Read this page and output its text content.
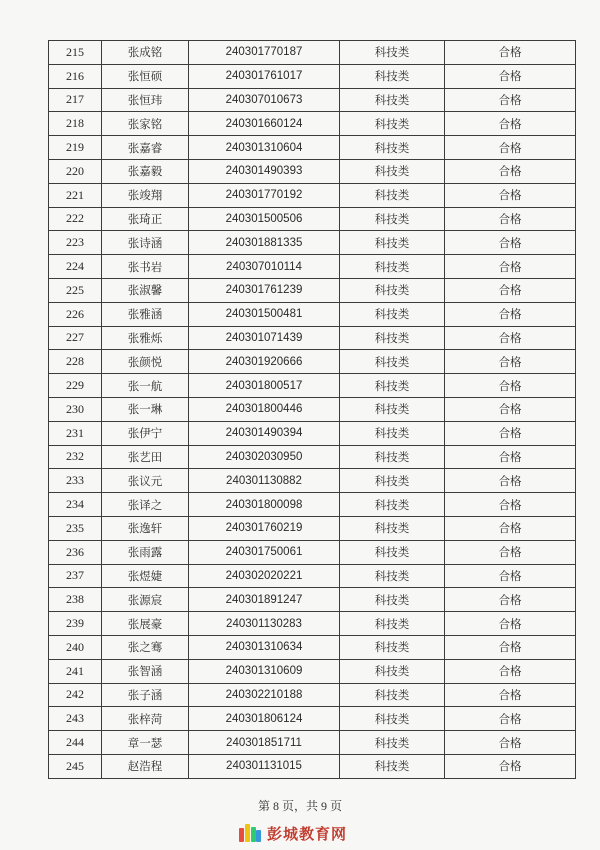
215	张成铭	240301770187	科技类	合格
216	张恒硕	240301761017	科技类	合格
217	张恒玮	240307010673	科技类	合格
218	张家铭	240301660124	科技类	合格
219	张嘉睿	240301310604	科技类	合格
220	张嘉毅	240301490393	科技类	合格
221	张竣翔	240301770192	科技类	合格
222	张琦正	240301500506	科技类	合格
223	张诗涵	240301881335	科技类	合格
224	张书岩	240307010114	科技类	合格
225	张淑馨	240301761239	科技类	合格
226	张雅涵	240301500481	科技类	合格
227	张雅烁	240301071439	科技类	合格
228	张颜悦	240301920666	科技类	合格
229	张一航	240301800517	科技类	合格
230	张一琳	240301800446	科技类	合格
231	张伊宁	240301490394	科技类	合格
232	张艺田	240302030950	科技类	合格
233	张议元	240301130882	科技类	合格
234	张译之	240301800098	科技类	合格
235	张逸轩	240301760219	科技类	合格
236	张雨露	240301750061	科技类	合格
237	张煜婕	240302020221	科技类	合格
238	张源宸	240301891247	科技类	合格
239	张展豪	240301130283	科技类	合格
240	张之骞	240301310634	科技类	合格
241	张智涵	240301310609	科技类	合格
242	张子涵	240302210188	科技类	合格
243	张梓菏	240301806124	科技类	合格
244	章一瑟	240301851711	科技类	合格
245	赵浩程	240301131015	科技类	合格
第 8 页，共 9 页
彭城教育网
